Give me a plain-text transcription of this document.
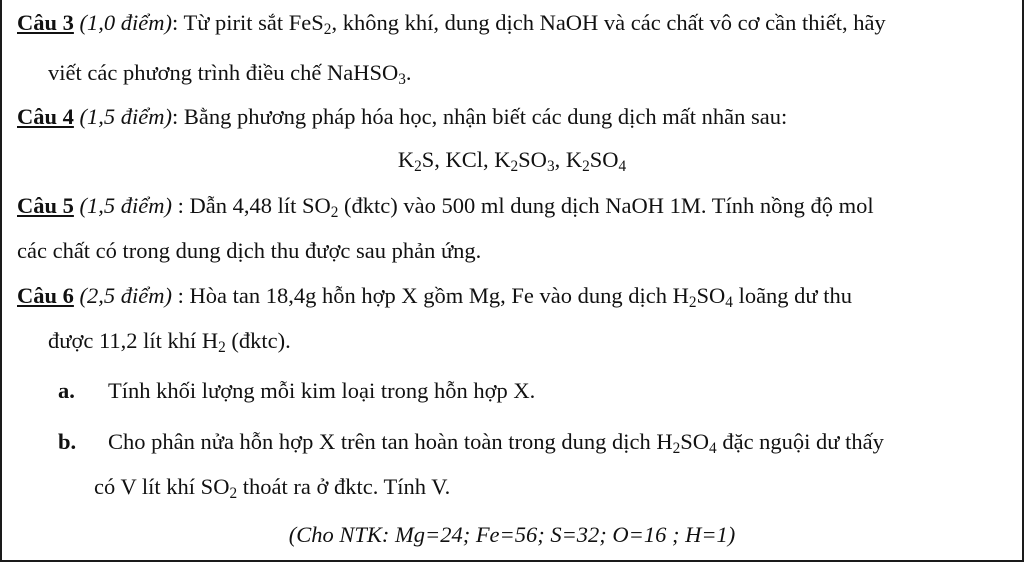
Câu 3 (1,0 điểm): Từ pirit sắt FeS$_2$, không khí, dung dịch NaOH và các chất vô cơ cần thiết, hãy
viết các phương trình điều chế NaHSO$_3$.
Câu 4 (1,5 điểm): Bằng phương pháp hóa học, nhận biết các dung dịch mất nhãn sau:
$K_2S$, KCl, $K_2SO_3$, $K_2SO_4$
Câu 5 (1,5 điểm) : Dẫn 4,48 lít $SO_2$ (đktc) vào 500 ml dung dịch NaOH 1M. Tính nồng độ mol
các chất có trong dung dịch thu được sau phản ứng.
Câu 6 (2,5 điểm) : Hòa tan 18,4g hỗn hợp X gồm Mg, Fe vào dung dịch $H_2SO_4$ loãng dư thu
được 11,2 lít khí $H_2$ (đktc).
a. Tính khối lượng mỗi kim loại trong hỗn hợp X.
b. Cho phân nửa hỗn hợp X trên tan hoàn toàn trong dung dịch $H_2SO_4$ đặc nguội dư thấy
có V lít khí $SO_2$ thoát ra ở đktc. Tính V.
(Cho NTK: Mg=24; Fe=56; S=32; O=16 ; H=1)
